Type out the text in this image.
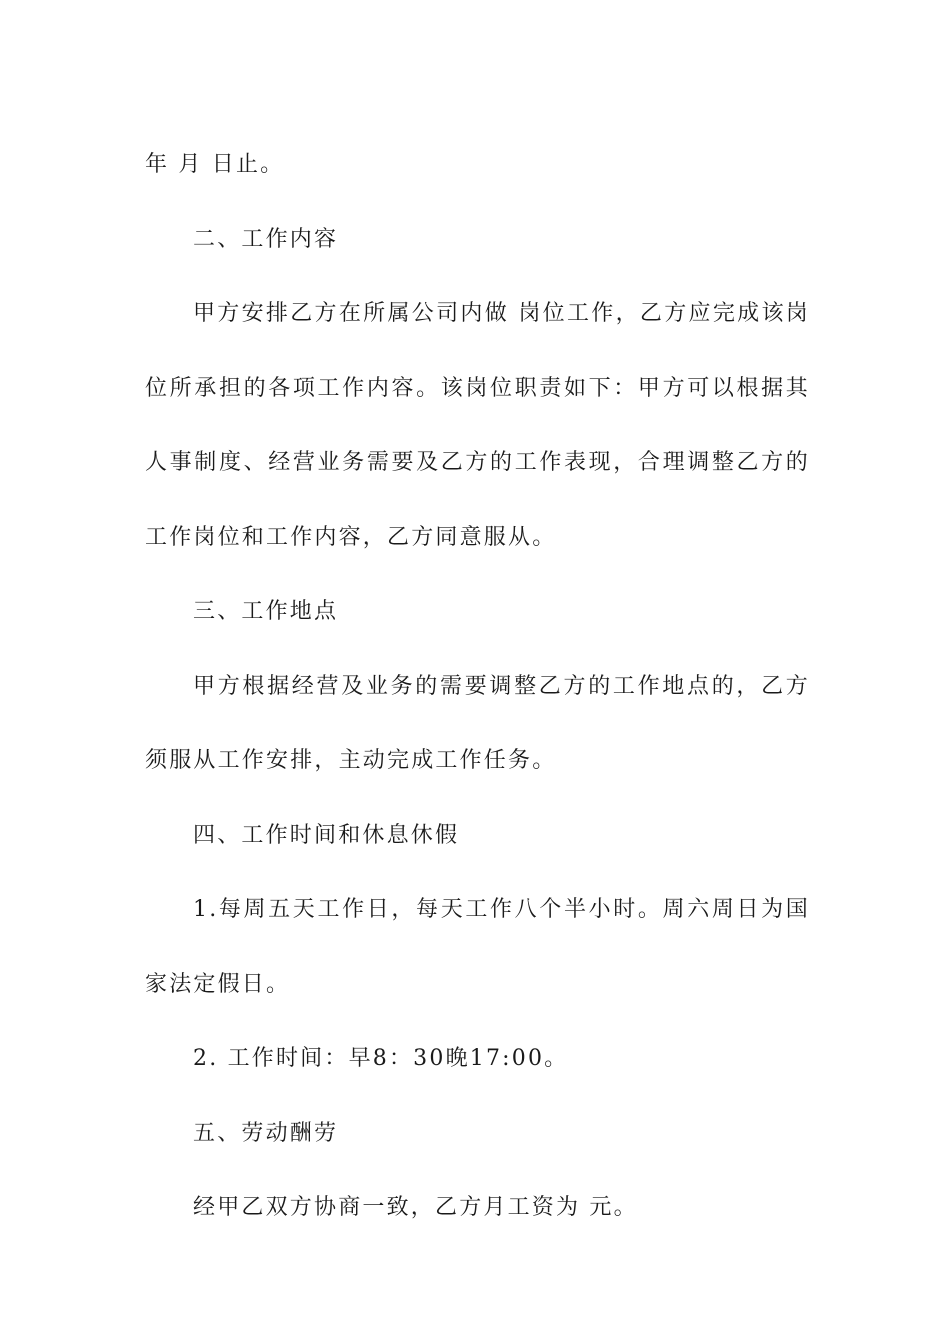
年 月 日止。

二、工作内容

甲方安排乙方在所属公司内做 岗位工作，乙方应完成该岗位所承担的各项工作内容。该岗位职责如下：甲方可以根据其人事制度、经营业务需要及乙方的工作表现，合理调整乙方的工作岗位和工作内容，乙方同意服从。

三、工作地点

甲方根据经营及业务的需要调整乙方的工作地点的，乙方须服从工作安排，主动完成工作任务。

四、工作时间和休息休假

1.每周五天工作日，每天工作八个半小时。周六周日为国家法定假日。

2. 工作时间：早8：30晚17:00。

五、劳动酬劳

经甲乙双方协商一致，乙方月工资为 元。
